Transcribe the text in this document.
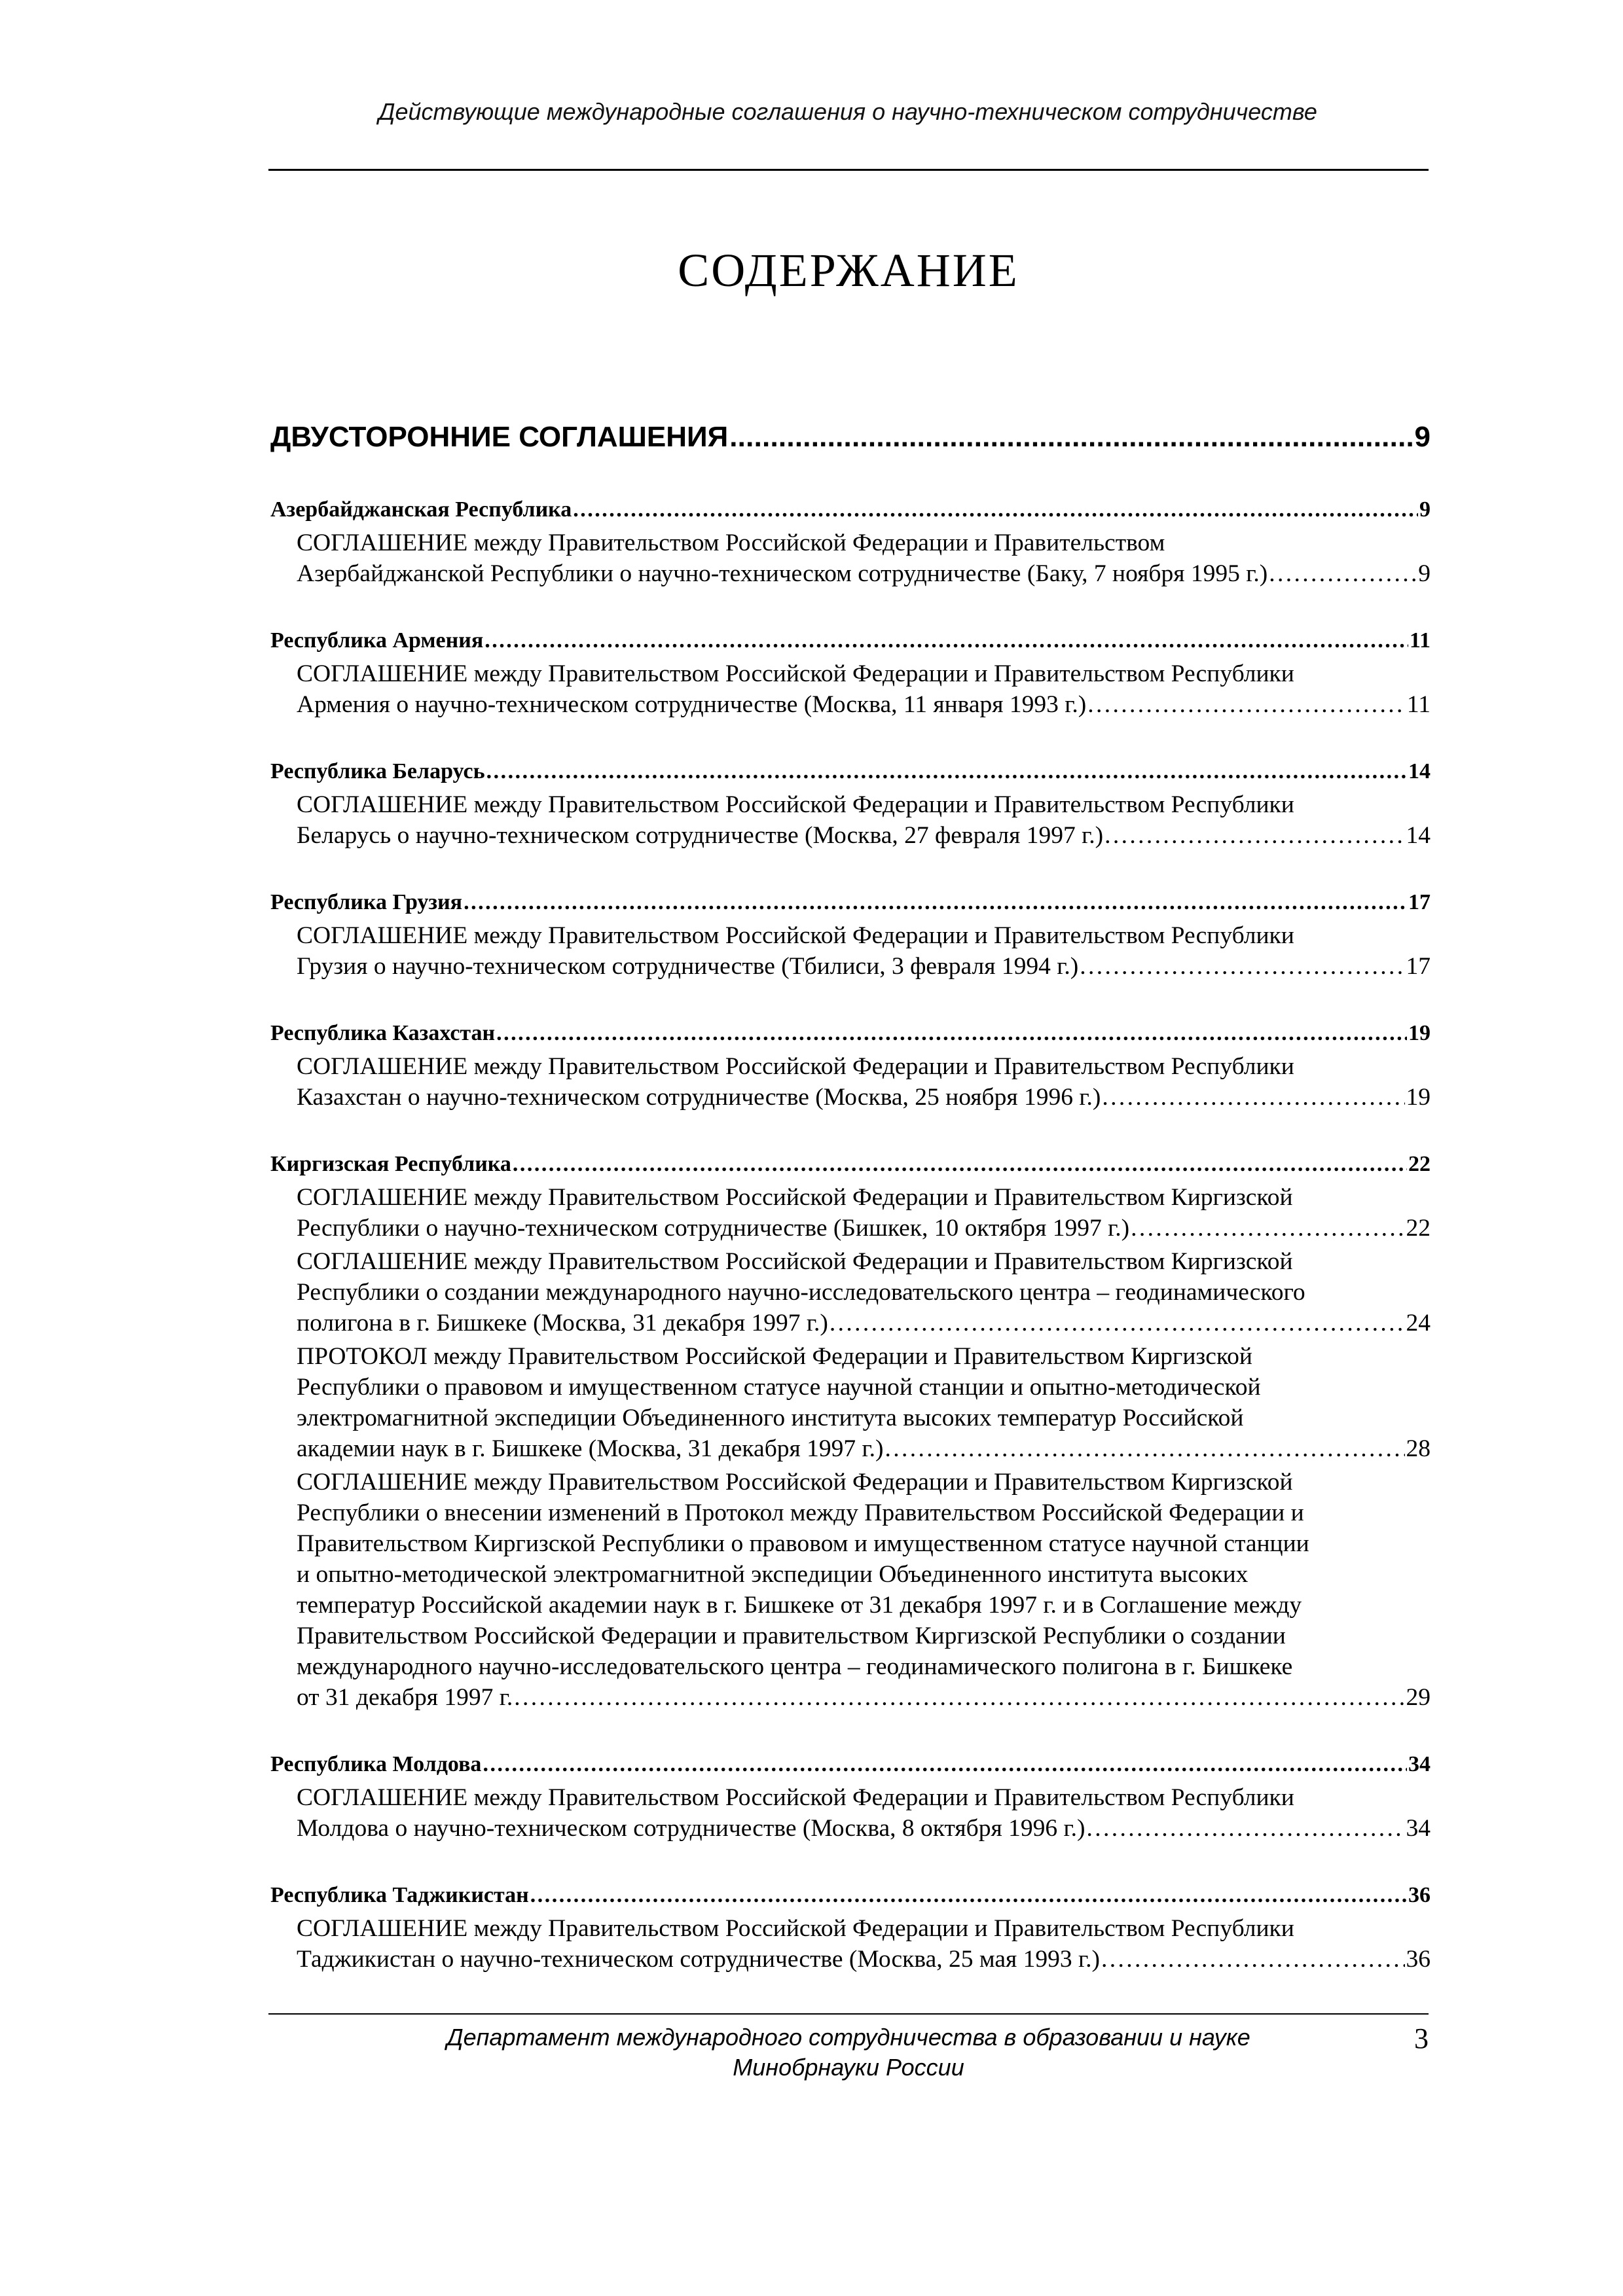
Действующие международные соглашения о научно-техническом сотрудничестве
СОДЕРЖАНИЕ
ДВУСТОРОННИЕ СОГЛАШЕНИЯ . . .	9
Азербайджанская Республика . . .	9
СОГЛАШЕНИЕ между Правительством Российской Федерации и Правительством
Азербайджанской Республики о научно-техническом сотрудничестве (Баку, 7 ноября 1995 г.) . . .	9
Республика Армения . . .	11
СОГЛАШЕНИЕ между Правительством Российской Федерации и Правительством Республики
Армения о научно-техническом сотрудничестве (Москва, 11 января 1993 г.) . . .	11
Республика Беларусь . . .	14
СОГЛАШЕНИЕ между Правительством Российской Федерации и Правительством Республики
Беларусь о научно-техническом сотрудничестве (Москва, 27 февраля 1997 г.) . . .	14
Республика Грузия . . .	17
СОГЛАШЕНИЕ между Правительством Российской Федерации и Правительством Республики
Грузия о научно-техническом сотрудничестве (Тбилиси, 3 февраля 1994 г.) . . .	17
Республика Казахстан . . .	19
СОГЛАШЕНИЕ между Правительством Российской Федерации и Правительством Республики
Казахстан о научно-техническом сотрудничестве (Москва, 25 ноября 1996 г.) . . .	19
Киргизская Республика . . .	22
СОГЛАШЕНИЕ между Правительством Российской Федерации и Правительством Киргизской
Республики о научно-техническом сотрудничестве (Бишкек, 10 октября 1997 г.) . . .	22
СОГЛАШЕНИЕ между Правительством Российской Федерации и Правительством Киргизской
Республики о создании международного научно-исследовательского центра – геодинамического
полигона в г. Бишкеке (Москва, 31 декабря 1997 г.) . . .	24
ПРОТОКОЛ между Правительством Российской Федерации и Правительством Киргизской
Республики о правовом и имущественном статусе научной станции и опытно-методической
электромагнитной экспедиции Объединенного института высоких температур Российской
академии наук в г. Бишкеке (Москва, 31 декабря 1997 г.) . . .	28
СОГЛАШЕНИЕ между Правительством Российской Федерации и Правительством Киргизской
Республики о внесении изменений в Протокол между Правительством Российской Федерации и
Правительством Киргизской Республики о правовом и имущественном статусе научной станции
и опытно-методической электромагнитной экспедиции Объединенного института высоких
температур Российской академии наук в г. Бишкеке от 31 декабря 1997 г. и в Соглашение между
Правительством Российской Федерации и правительством Киргизской Республики о создании
международного научно-исследовательского центра – геодинамического полигона в г. Бишкеке
от 31 декабря 1997 г. . . .	29
Республика Молдова . . .	34
СОГЛАШЕНИЕ между Правительством Российской Федерации и Правительством Республики
Молдова о научно-техническом сотрудничестве (Москва, 8 октября 1996 г.) . . .	34
Республика Таджикистан . . .	36
СОГЛАШЕНИЕ между Правительством Российской Федерации и Правительством Республики
Таджикистан о научно-техническом сотрудничестве (Москва, 25 мая 1993 г.) . . .	36
Департамент международного сотрудничества в образовании и науке
Минобрнауки России
3
